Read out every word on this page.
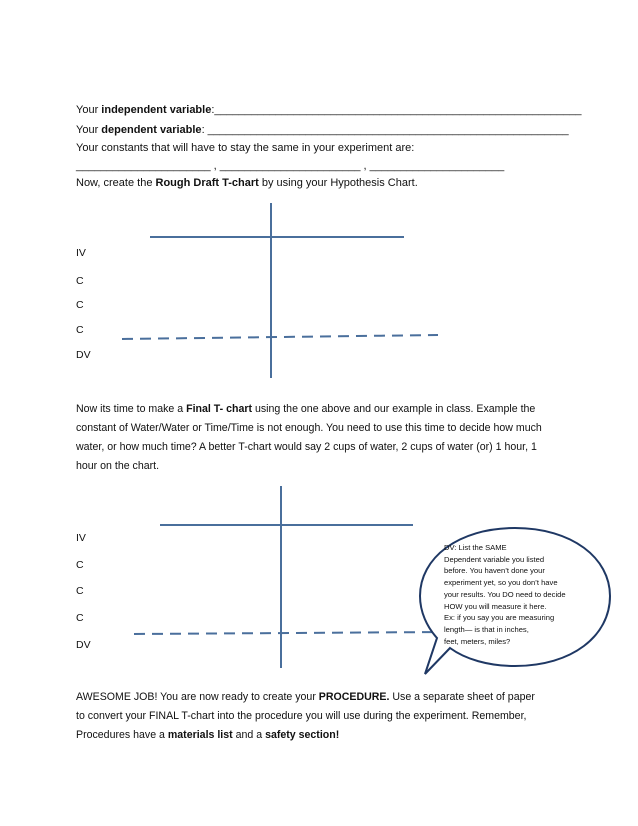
Your independent variable:____________________________________________________________
Your dependent variable: ___________________________________________________________
Your constants that will have to stay the same in your experiment are:
______________________ , _______________________ , ______________________
Now, create the Rough Draft T-chart by using your Hypothesis Chart.
IV
C
C
C
DV
Now its time to make a Final T- chart using the one above and our example in class. Example the constant of Water/Water or Time/Time is not enough. You need to use this time to decide how much water, or how much time? A better T-chart would say 2 cups of water, 2 cups of water (or) 1 hour, 1 hour on the chart.
IV
C
C
C
DV
DV: List the SAME
Dependent variable you listed
before. You haven’t done your
experiment yet, so you don’t have
your results. You DO need to decide
HOW you will measure it here.
Ex: if you say you are measuring
length— is that in inches,
feet, meters, miles?
AWESOME JOB! You are now ready to create your PROCEDURE. Use a separate sheet of paper to convert your FINAL T-chart into the procedure you will use during the experiment. Remember, Procedures have a materials list and a safety section!
